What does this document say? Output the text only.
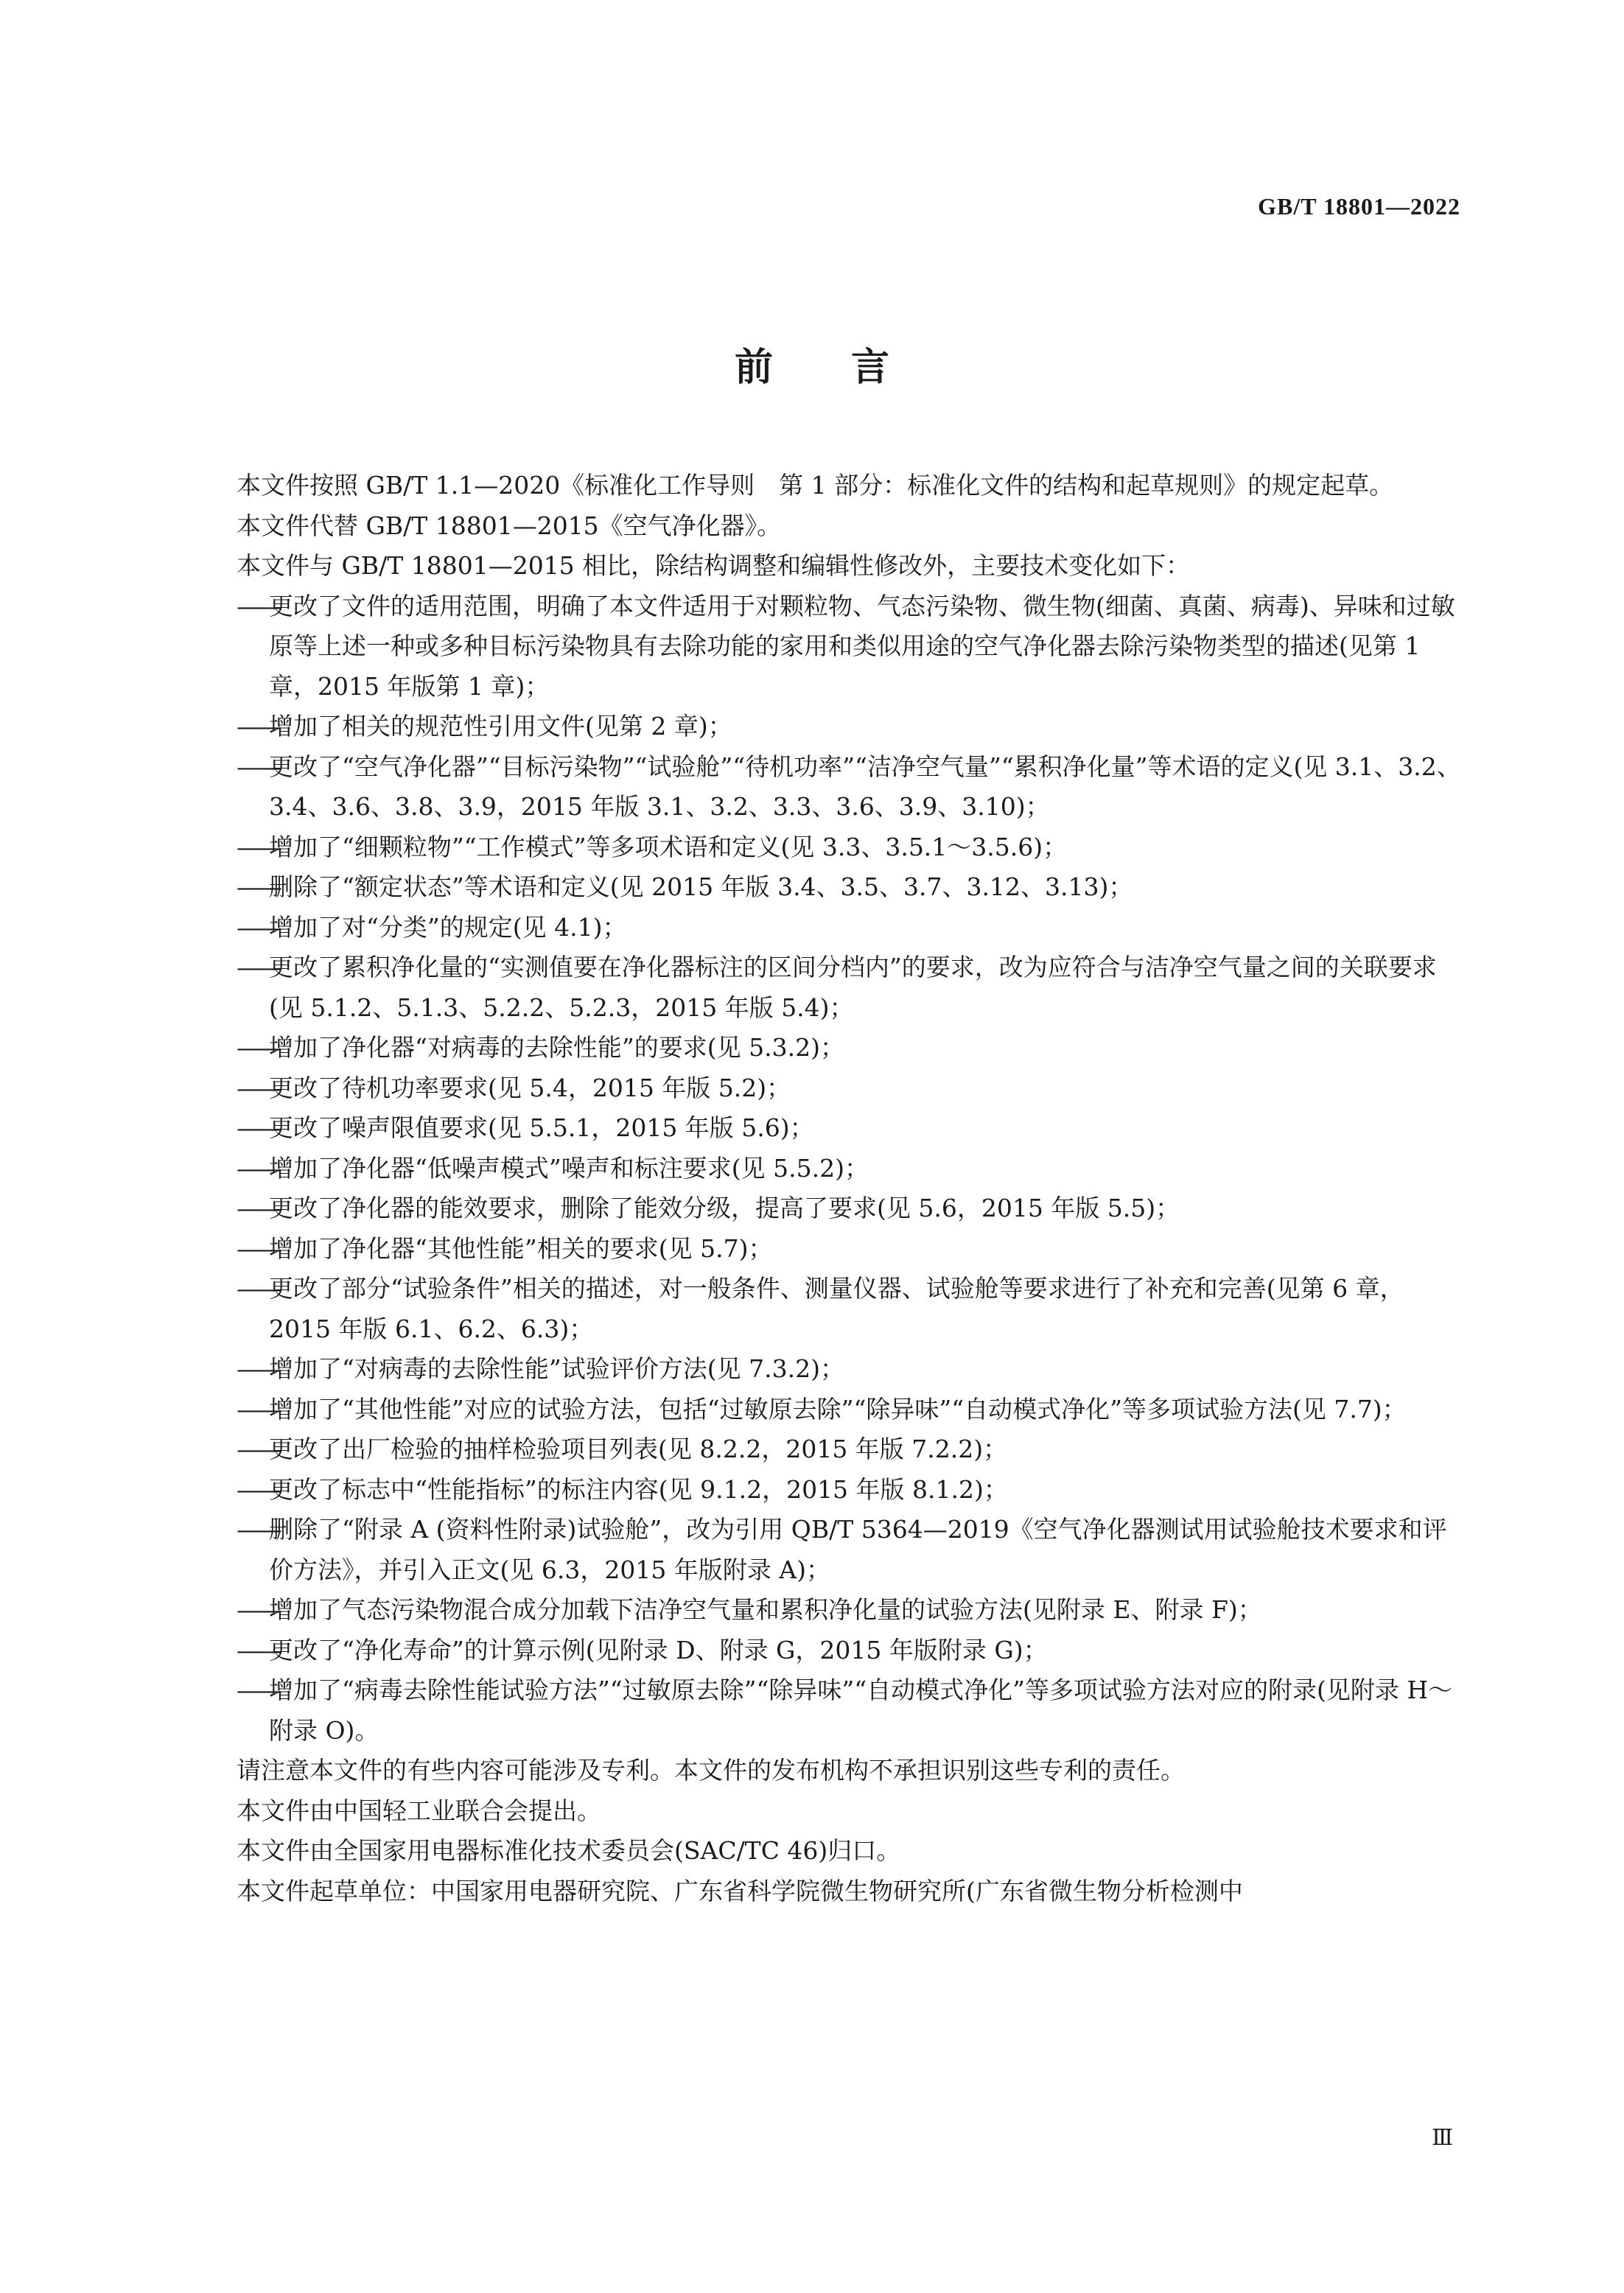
GB/T 18801—2022
前言

本文件按照 GB/T 1.1—2020《标准化工作导则　第 1 部分：标准化文件的结构和起草规则》的规定起草。

本文件代替 GB/T 18801—2015《空气净化器》。

本文件与 GB/T 18801—2015 相比，除结构调整和编辑性修改外，主要技术变化如下：

——
更改了文件的适用范围，明确了本文件适用于对颗粒物、气态污染物、微生物(细菌、真菌、病毒)、异味和过敏原等上述一种或多种目标污染物具有去除功能的家用和类似用途的空气净化器去除污染物类型的描述(见第 1 章，2015 年版第 1 章)；

——
增加了相关的规范性引用文件(见第 2 章)；

——
更改了“空气净化器”“目标污染物”“试验舱”“待机功率”“洁净空气量”“累积净化量”等术语的定义(见 3.1、3.2、3.4、3.6、3.8、3.9，2015 年版 3.1、3.2、3.3、3.6、3.9、3.10)；

——
增加了“细颗粒物”“工作模式”等多项术语和定义(见 3.3、3.5.1～3.5.6)；

——
删除了“额定状态”等术语和定义(见 2015 年版 3.4、3.5、3.7、3.12、3.13)；

——
增加了对“分类”的规定(见 4.1)；

——
更改了累积净化量的“实测值要在净化器标注的区间分档内”的要求，改为应符合与洁净空气量之间的关联要求(见 5.1.2、5.1.3、5.2.2、5.2.3，2015 年版 5.4)；

——
增加了净化器“对病毒的去除性能”的要求(见 5.3.2)；

——
更改了待机功率要求(见 5.4，2015 年版 5.2)；

——
更改了噪声限值要求(见 5.5.1，2015 年版 5.6)；

——
增加了净化器“低噪声模式”噪声和标注要求(见 5.5.2)；

——
更改了净化器的能效要求，删除了能效分级，提高了要求(见 5.6，2015 年版 5.5)；

——
增加了净化器“其他性能”相关的要求(见 5.7)；

——
更改了部分“试验条件”相关的描述，对一般条件、测量仪器、试验舱等要求进行了补充和完善(见第 6 章，2015 年版 6.1、6.2、6.3)；

——
增加了“对病毒的去除性能”试验评价方法(见 7.3.2)；

——
增加了“其他性能”对应的试验方法，包括“过敏原去除”“除异味”“自动模式净化”等多项试验方法(见 7.7)；

——
更改了出厂检验的抽样检验项目列表(见 8.2.2，2015 年版 7.2.2)；

——
更改了标志中“性能指标”的标注内容(见 9.1.2，2015 年版 8.1.2)；

——
删除了“附录 A (资料性附录)试验舱”，改为引用 QB/T 5364—2019《空气净化器测试用试验舱技术要求和评价方法》，并引入正文(见 6.3，2015 年版附录 A)；

——
增加了气态污染物混合成分加载下洁净空气量和累积净化量的试验方法(见附录 E、附录 F)；

——
更改了“净化寿命”的计算示例(见附录 D、附录 G，2015 年版附录 G)；

——
增加了“病毒去除性能试验方法”“过敏原去除”“除异味”“自动模式净化”等多项试验方法对应的附录(见附录 H～附录 O)。

请注意本文件的有些内容可能涉及专利。本文件的发布机构不承担识别这些专利的责任。

本文件由中国轻工业联合会提出。

本文件由全国家用电器标准化技术委员会(SAC/TC 46)归口。

本文件起草单位：中国家用电器研究院、广东省科学院微生物研究所(广东省微生物分析检测中

Ⅲ
